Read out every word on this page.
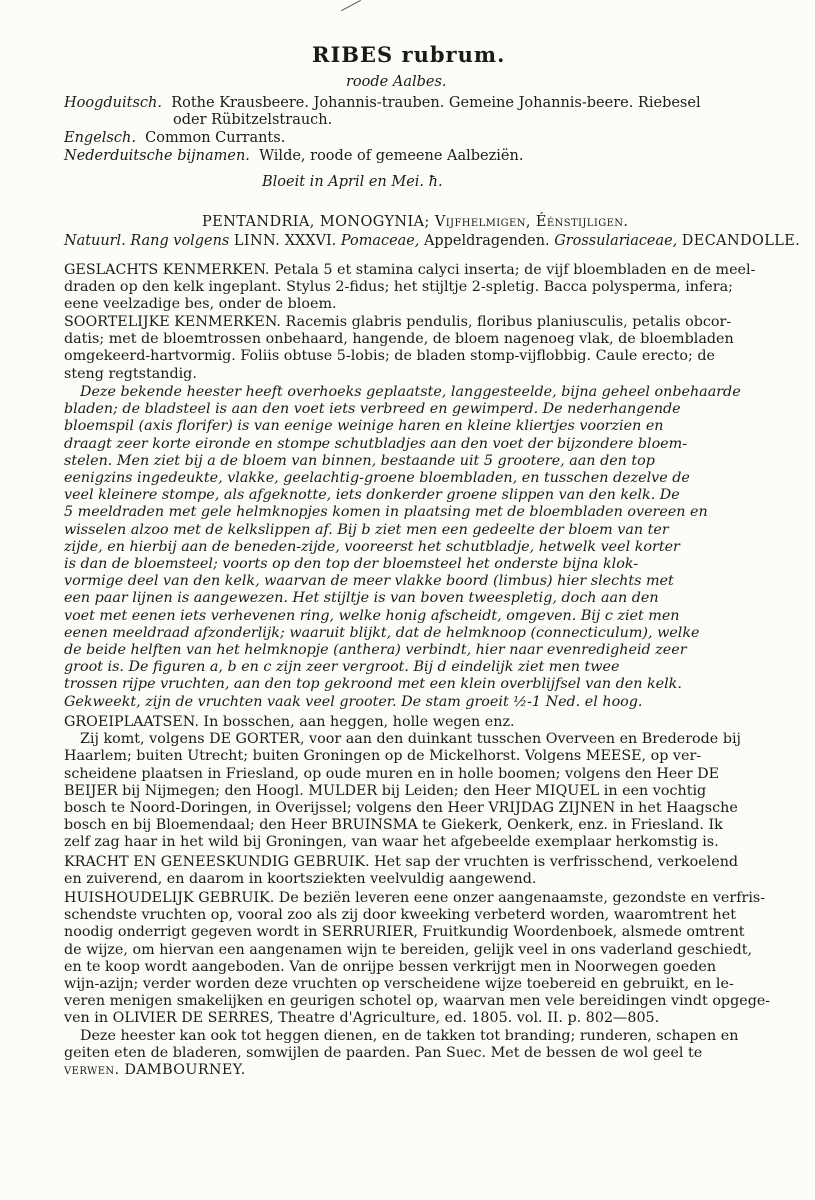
RIBES rubrum.
roode Aalbes.
Hoogduitsch. Rothe Krausbeere. Johannis-trauben. Gemeine Johannis-beere. Riebesel
oder Rübitzelstrauch.
Engelsch. Common Currants.
Nederduitsche bijnamen. Wilde, roode of gemeene Aalbeziën.
Bloeit in April en Mei. ħ.
PENTANDRIA, MONOGYNIA; Vijfhelmigen, Éénstijligen.
Natuurl. Rang volgens LINN. XXXVI. Pomaceae, Appeldragenden. Grossulariaceae, DECANDOLLE.
GESLACHTS KENMERKEN. Petala 5 et stamina calyci inserta; de vijf bloembladen en de meel-
draden op den kelk ingeplant. Stylus 2-fidus; het stijltje 2-spletig. Bacca polysperma, infera;
eene veelzadige bes, onder de bloem.
SOORTELIJKE KENMERKEN. Racemis glabris pendulis, floribus planiusculis, petalis obcor-
datis; met de bloemtrossen onbehaard, hangende, de bloem nagenoeg vlak, de bloembladen
omgekeerd-hartvormig. Foliis obtuse 5-lobis; de bladen stomp-vijflobbig. Caule erecto; de
steng regtstandig.
Deze bekende heester heeft overhoeks geplaatste, langgesteelde, bijna geheel onbehaarde
bladen; de bladsteel is aan den voet iets verbreed en gewimperd. De nederhangende
bloemspil (axis florifer) is van eenige weinige haren en kleine kliertjes voorzien en
draagt zeer korte eironde en stompe schutbladjes aan den voet der bijzondere bloem-
stelen. Men ziet bij a de bloem van binnen, bestaande uit 5 grootere, aan den top
eenigzins ingedeukte, vlakke, geelachtig-groene bloembladen, en tusschen dezelve de
veel kleinere stompe, als afgeknotte, iets donkerder groene slippen van den kelk. De
5 meeldraden met gele helmknopjes komen in plaatsing met de bloembladen overeen en
wisselen alzoo met de kelkslippen af. Bij b ziet men een gedeelte der bloem van ter
zijde, en hierbij aan de beneden-zijde, vooreerst het schutbladje, hetwelk veel korter
is dan de bloemsteel; voorts op den top der bloemsteel het onderste bijna klok-
vormige deel van den kelk, waarvan de meer vlakke boord (limbus) hier slechts met
een paar lijnen is aangewezen. Het stijltje is van boven tweespletig, doch aan den
voet met eenen iets verhevenen ring, welke honig afscheidt, omgeven. Bij c ziet men
eenen meeldraad afzonderlijk; waaruit blijkt, dat de helmknoop (connecticulum), welke
de beide helften van het helmknopje (anthera) verbindt, hier naar evenredigheid zeer
groot is. De figuren a, b en c zijn zeer vergroot. Bij d eindelijk ziet men twee
trossen rijpe vruchten, aan den top gekroond met een klein overblijfsel van den kelk.
Gekweekt, zijn de vruchten vaak veel grooter. De stam groeit ½-1 Ned. el hoog.
GROEIPLAATSEN. In bosschen, aan heggen, holle wegen enz.
Zij komt, volgens DE GORTER, voor aan den duinkant tusschen Overveen en Brederode bij
Haarlem; buiten Utrecht; buiten Groningen op de Mickelhorst. Volgens MEESE, op ver-
scheidene plaatsen in Friesland, op oude muren en in holle boomen; volgens den Heer DE
BEIJER bij Nijmegen; den Hoogl. MULDER bij Leiden; den Heer MIQUEL in een vochtig
bosch te Noord-Doringen, in Overijssel; volgens den Heer VRIJDAG ZIJNEN in het Haagsche
bosch en bij Bloemendaal; den Heer BRUINSMA te Giekerk, Oenkerk, enz. in Friesland. Ik
zelf zag haar in het wild bij Groningen, van waar het afgebeelde exemplaar herkomstig is.
KRACHT EN GENEESKUNDIG GEBRUIK. Het sap der vruchten is verfrisschend, verkoelend
en zuiverend, en daarom in koortsziekten veelvuldig aangewend.
HUISHOUDELIJK GEBRUIK. De beziën leveren eene onzer aangenaamste, gezondste en verfris-
schendste vruchten op, vooral zoo als zij door kweeking verbeterd worden, waaromtrent het
noodig onderrigt gegeven wordt in SERRURIER, Fruitkundig Woordenboek, alsmede omtrent
de wijze, om hiervan een aangenamen wijn te bereiden, gelijk veel in ons vaderland geschiedt,
en te koop wordt aangeboden. Van de onrijpe bessen verkrijgt men in Noorwegen goeden
wijn-azijn; verder worden deze vruchten op verscheidene wijze toebereid en gebruikt, en le-
veren menigen smakelijken en geurigen schotel op, waarvan men vele bereidingen vindt opgege-
ven in OLIVIER DE SERRES, Theatre d'Agriculture, ed. 1805. vol. II. p. 802—805.
Deze heester kan ook tot heggen dienen, en de takken tot branding; runderen, schapen en
geiten eten de bladeren, somwijlen de paarden. Pan Suec. Met de bessen de wol geel te
verwen. DAMBOURNEY.
